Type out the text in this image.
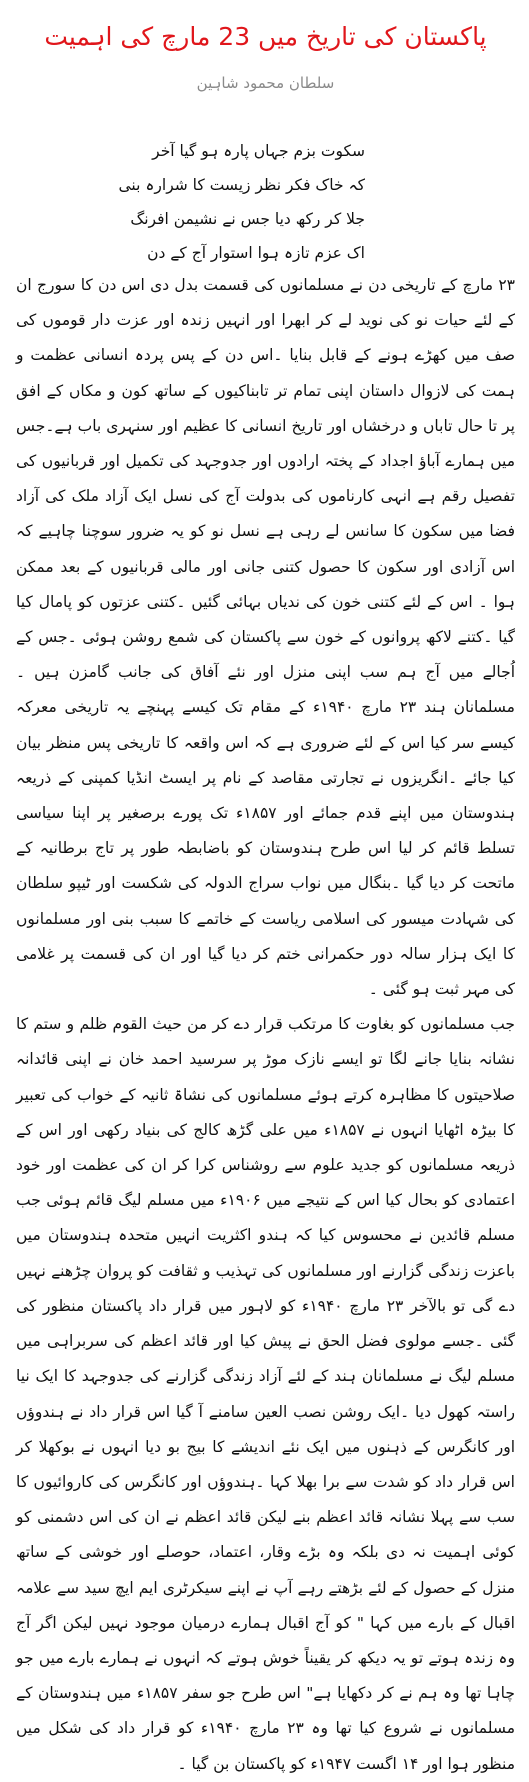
پاکستان کی تاریخ میں 23 مارچ کی اہمیت
سلطان محمود شاہین
سکوت بزم جہاں پارہ ہو گیا آخر
کہ خاک فکر نظر زیست کا شرارہ بنی
جلا کر رکھ دیا جس نے نشیمن افرنگ
اک عزم تازہ ہوا استوار آج کے دن

۲۳ مارچ کے تاریخی دن نے مسلمانوں کی قسمت بدل دی اس دن کا سورج ان کے لئے حیات نو کی نوید لے کر ابھرا اور انہیں زندہ اور عزت دار قوموں کی صف میں کھڑے ہونے کے قابل بنایا ۔اس دن کے پس پردہ انسانی عظمت و ہمت کی لازوال داستان اپنی تمام تر تابناکیوں کے ساتھ کون و مکاں کے افق پر تا حال تاباں و درخشاں اور تاریخ انسانی کا عظیم اور سنہری باب ہے۔جس میں ہمارے آباؤ اجداد کے پختہ ارادوں اور جدوجہد کی تکمیل اور قربانیوں کی تفصیل رقم ہے انہی کارناموں کی بدولت آج کی نسل ایک آزاد ملک کی آزاد فضا میں سکون کا سانس لے رہی ہے نسل نو کو یہ ضرور سوچنا چاہیے کہ اس آزادی اور سکون کا حصول کتنی جانی اور مالی قربانیوں کے بعد ممکن ہوا ۔ اس کے لئے کتنی خون کی ندیاں بہائی گئیں ۔کتنی عزتوں کو پامال کیا گیا ۔کتنے لاکھ پروانوں کے خون سے پاکستان کی شمع روشن ہوئی ۔جس کے اُجالے میں آج ہم سب اپنی منزل اور نئے آفاق کی جانب گامزن ہیں ۔مسلمانان ہند ۲۳ مارچ ۱۹۴۰ء کے مقام تک کیسے پہنچے یہ تاریخی معرکہ کیسے سر کیا اس کے لئے ضروری ہے کہ اس واقعہ کا تاریخی پس منظر بیان کیا جائے ۔انگریزوں نے تجارتی مقاصد کے نام پر ایسٹ انڈیا کمپنی کے ذریعہ ہندوستان میں اپنے قدم جمائے اور ۱۸۵۷ء تک پورے برصغیر پر اپنا سیاسی تسلط قائم کر لیا اس طرح ہندوستان کو باضابطہ طور پر تاج برطانیہ کے ماتحت کر دیا گیا ۔بنگال میں نواب سراج الدولہ کی شکست اور ٹیپو سلطان کی شہادت میسور کی اسلامی ریاست کے خاتمے کا سبب بنی اور مسلمانوں کا ایک ہزار سالہ دور حکمرانی ختم کر دیا گیا اور ان کی قسمت پر غلامی کی مہر ثبت ہو گئی ۔

جب مسلمانوں کو بغاوت کا مرتکب قرار دے کر من حیث القوم ظلم و ستم کا نشانہ بنایا جانے لگا تو ایسے نازک موڑ پر سرسید احمد خان نے اپنی قائدانہ صلاحیتوں کا مظاہرہ کرتے ہوئے مسلمانوں کی نشاۃ ثانیہ کے خواب کی تعبیر کا بیڑہ اٹھایا انہوں نے ۱۸۵۷ء میں علی گڑھ کالج کی بنیاد رکھی اور اس کے ذریعہ مسلمانوں کو جدید علوم سے روشناس کرا کر ان کی عظمت اور خود اعتمادی کو بحال کیا اس کے نتیجے میں ۱۹۰۶ء میں مسلم لیگ قائم ہوئی جب مسلم قائدین نے محسوس کیا کہ ہندو اکثریت انہیں متحدہ ہندوستان میں باعزت زندگی گزارنے اور مسلمانوں کی تہذیب و ثقافت کو پروان چڑھنے نہیں دے گی تو بالآخر ۲۳ مارچ ۱۹۴۰ء کو لاہور میں قرار داد پاکستان منظور کی گئی ۔جسے مولوی فضل الحق نے پیش کیا اور قائد اعظم کی سربراہی میں مسلم لیگ نے مسلمانان ہند کے لئے آزاد زندگی گزارنے کی جدوجہد کا ایک نیا راستہ کھول دیا ۔ایک روشن نصب العین سامنے آ گیا اس قرار داد نے ہندوؤں اور کانگرس کے ذہنوں میں ایک نئے اندیشے کا بیج بو دیا انہوں نے بوکھلا کر اس قرار داد کو شدت سے برا بھلا کہا ۔ہندوؤں اور کانگرس کی کاروائیوں کا سب سے پہلا نشانہ قائد اعظم بنے لیکن قائد اعظم نے ان کی اس دشمنی کو کوئی اہمیت نہ دی بلکہ وہ بڑے وقار، اعتماد، حوصلے اور خوشی کے ساتھ منزل کے حصول کے لئے بڑھتے رہے آپ نے اپنے سیکرٹری ایم ایچ سید سے علامہ اقبال کے بارے میں کہا " کو آج اقبال ہمارے درمیان موجود نہیں لیکن اگر آج وہ زندہ ہوتے تو یہ دیکھ کر یقیناً خوش ہوتے کہ انہوں نے ہمارے بارے میں جو چاہا تھا وہ ہم نے کر دکھایا ہے" اس طرح جو سفر ۱۸۵۷ء میں ہندوستان کے مسلمانوں نے شروع کیا تھا وہ ۲۳ مارچ ۱۹۴۰ء کو قرار داد کی شکل میں منظور ہوا اور ۱۴ اگست ۱۹۴۷ء کو پاکستان بن گیا ۔
